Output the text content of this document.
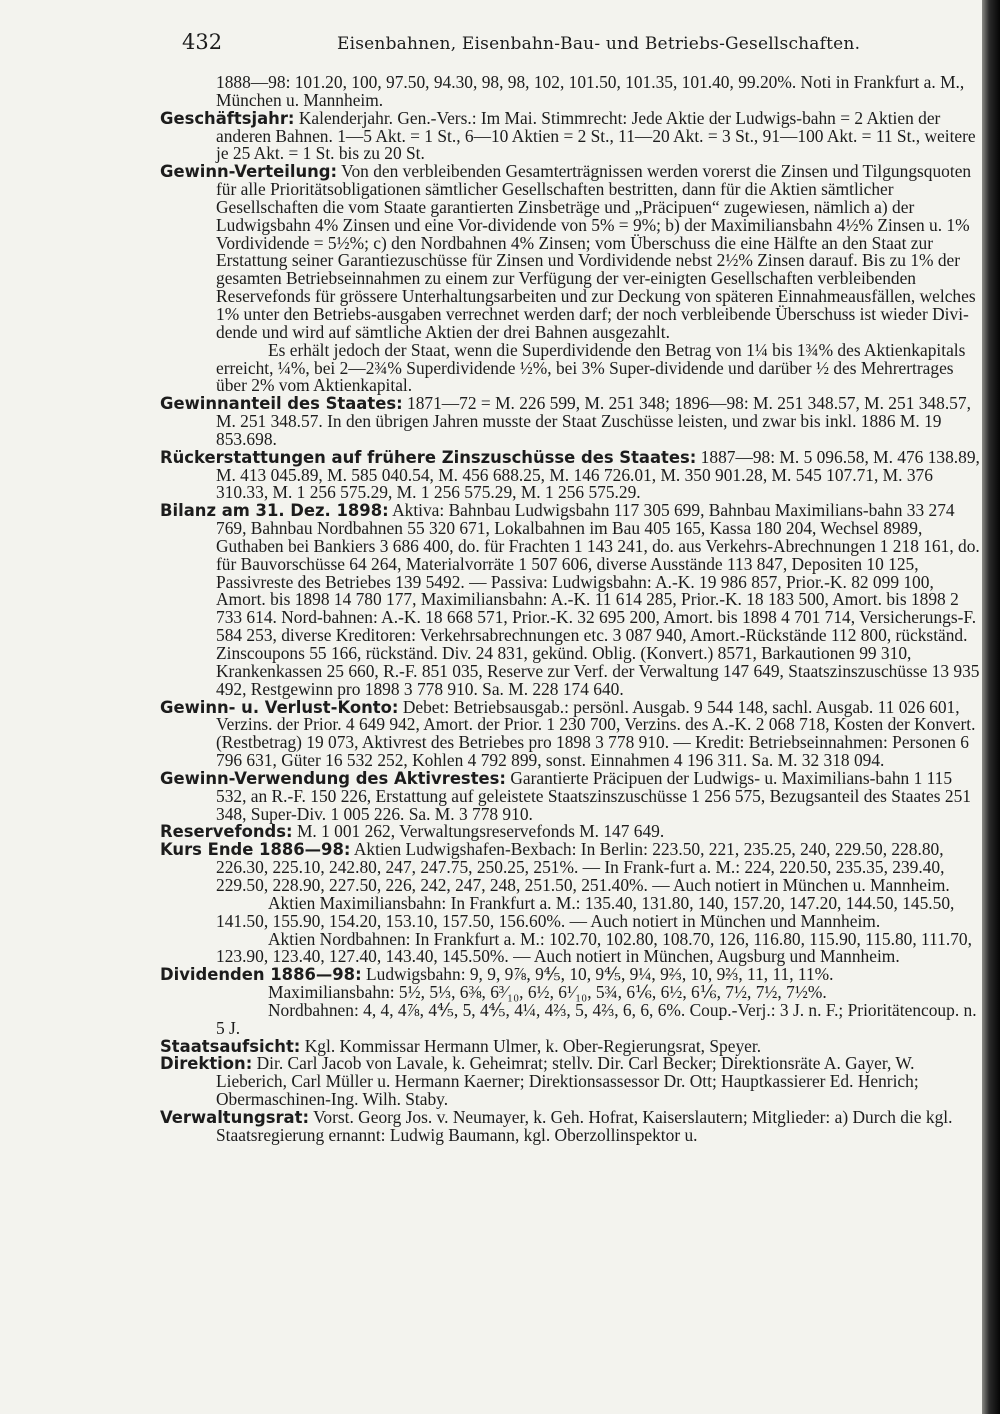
432	Eisenbahnen, Eisenbahn-Bau- und Betriebs-Gesellschaften.

1888—98: 101.20, 100, 97.50, 94.30, 98, 98, 102, 101.50, 101.35, 101.40, 99.20%. Noti in Frankfurt a. M., München u. Mannheim.

Geschäftsjahr: Kalenderjahr. Gen.-Vers.: Im Mai. Stimmrecht: Jede Aktie der Ludwigs-bahn = 2 Aktien der anderen Bahnen. 1—5 Akt. = 1 St., 6—10 Aktien = 2 St., 11—20 Akt. = 3 St., 91—100 Akt. = 11 St., weitere je 25 Akt. = 1 St. bis zu 20 St.

Gewinn-Verteilung: Von den verbleibenden Gesamterträgnissen werden vorerst die Zinsen und Tilgungsquoten für alle Prioritätsobligationen sämtlicher Gesellschaften bestritten, dann für die Aktien sämtlicher Gesellschaften die vom Staate garantierten Zinsbeträge und „Präcipuen“ zugewiesen, nämlich a) der Ludwigsbahn 4% Zinsen und eine Vor-dividende von 5% = 9%; b) der Maximiliansbahn 4½% Zinsen u. 1% Vordividende = 5½%; c) den Nordbahnen 4% Zinsen; vom Überschuss die eine Hälfte an den Staat zur Erstattung seiner Garantiezuschüsse für Zinsen und Vordividende nebst 2½% Zinsen darauf. Bis zu 1% der gesamten Betriebseinnahmen zu einem zur Verfügung der ver-einigten Gesellschaften verbleibenden Reservefonds für grössere Unterhaltungsarbeiten und zur Deckung von späteren Einnahmeausfällen, welches 1% unter den Betriebs-ausgaben verrechnet werden darf; der noch verbleibende Überschuss ist wieder Divi-dende und wird auf sämtliche Aktien der drei Bahnen ausgezahlt.

Es erhält jedoch der Staat, wenn die Superdividende den Betrag von 1¼ bis 1¾% des Aktienkapitals erreicht, ¼%, bei 2—2¾% Superdividende ½%, bei 3% Super-dividende und darüber ½ des Mehrertrages über 2% vom Aktienkapital.

Gewinnanteil des Staates: 1871—72 = M. 226 599, M. 251 348; 1896—98: M. 251 348.57, M. 251 348.57, M. 251 348.57. In den übrigen Jahren musste der Staat Zuschüsse leisten, und zwar bis inkl. 1886 M. 19 853.698.

Rückerstattungen auf frühere Zinszuschüsse des Staates: 1887—98: M. 5 096.58, M. 476 138.89, M. 413 045.89, M. 585 040.54, M. 456 688.25, M. 146 726.01, M. 350 901.28, M. 545 107.71, M. 376 310.33, M. 1 256 575.29, M. 1 256 575.29, M. 1 256 575.29.

Bilanz am 31. Dez. 1898: Aktiva: Bahnbau Ludwigsbahn 117 305 699, Bahnbau Maximilians-bahn 33 274 769, Bahnbau Nordbahnen 55 320 671, Lokalbahnen im Bau 405 165, Kassa 180 204, Wechsel 8989, Guthaben bei Bankiers 3 686 400, do. für Frachten 1 143 241, do. aus Verkehrs-Abrechnungen 1 218 161, do. für Bauvorschüsse 64 264, Materialvorräte 1 507 606, diverse Ausstände 113 847, Depositen 10 125, Passivreste des Betriebes 139 5492. — Passiva: Ludwigsbahn: A.-K. 19 986 857, Prior.-K. 82 099 100, Amort. bis 1898 14 780 177, Maximiliansbahn: A.-K. 11 614 285, Prior.-K. 18 183 500, Amort. bis 1898 2 733 614. Nord-bahnen: A.-K. 18 668 571, Prior.-K. 32 695 200, Amort. bis 1898 4 701 714, Versicherungs-F. 584 253, diverse Kreditoren: Verkehrsabrechnungen etc. 3 087 940, Amort.-Rückstände 112 800, rückständ. Zinscoupons 55 166, rückständ. Div. 24 831, gekünd. Oblig. (Konvert.) 8571, Barkautionen 99 310, Krankenkassen 25 660, R.-F. 851 035, Reserve zur Verf. der Verwaltung 147 649, Staatszinszuschüsse 13 935 492, Restgewinn pro 1898 3 778 910. Sa. M. 228 174 640.

Gewinn- u. Verlust-Konto: Debet: Betriebsausgab.: persönl. Ausgab. 9 544 148, sachl. Ausgab. 11 026 601, Verzins. der Prior. 4 649 942, Amort. der Prior. 1 230 700, Verzins. des A.-K. 2 068 718, Kosten der Konvert. (Restbetrag) 19 073, Aktivrest des Betriebes pro 1898 3 778 910. — Kredit: Betriebseinnahmen: Personen 6 796 631, Güter 16 532 252, Kohlen 4 792 899, sonst. Einnahmen 4 196 311. Sa. M. 32 318 094.

Gewinn-Verwendung des Aktivrestes: Garantierte Präcipuen der Ludwigs- u. Maximilians-bahn 1 115 532, an R.-F. 150 226, Erstattung auf geleistete Staatszinszuschüsse 1 256 575, Bezugsanteil des Staates 251 348, Super-Div. 1 005 226. Sa. M. 3 778 910.

Reservefonds: M. 1 001 262, Verwaltungsreservefonds M. 147 649.

Kurs Ende 1886—98: Aktien Ludwigshafen-Bexbach: In Berlin: 223.50, 221, 235.25, 240, 229.50, 228.80, 226.30, 225.10, 242.80, 247, 247.75, 250.25, 251%. — In Frank-furt a. M.: 224, 220.50, 235.35, 239.40, 229.50, 228.90, 227.50, 226, 242, 247, 248, 251.50, 251.40%. — Auch notiert in München u. Mannheim.

Aktien Maximiliansbahn: In Frankfurt a. M.: 135.40, 131.80, 140, 157.20, 147.20, 144.50, 145.50, 141.50, 155.90, 154.20, 153.10, 157.50, 156.60%. — Auch notiert in München und Mannheim.

Aktien Nordbahnen: In Frankfurt a. M.: 102.70, 102.80, 108.70, 126, 116.80, 115.90, 115.80, 111.70, 123.90, 123.40, 127.40, 143.40, 145.50%. — Auch notiert in München, Augsburg und Mannheim.

Dividenden 1886—98: Ludwigsbahn: 9, 9, 9⅞, 9⅘, 10, 9⅘, 9¼, 9⅔, 10, 9⅔, 11, 11, 11%.

Maximiliansbahn: 5½, 5⅓, 6⅜, 6³⁄₁₀, 6½, 6¹⁄₁₀, 5¾, 6⅙, 6½, 6⅙, 7½, 7½, 7½%.

Nordbahnen: 4, 4, 4⅞, 4⅘, 5, 4⅘, 4¼, 4⅔, 5, 4⅔, 6, 6, 6%. Coup.-Verj.: 3 J. n. F.; Prioritätencoup. n. 5 J.

Staatsaufsicht: Kgl. Kommissar Hermann Ulmer, k. Ober-Regierungsrat, Speyer.

Direktion: Dir. Carl Jacob von Lavale, k. Geheimrat; stellv. Dir. Carl Becker; Direktionsräte A. Gayer, W. Lieberich, Carl Müller u. Hermann Kaerner; Direktionsassessor Dr. Ott; Hauptkassierer Ed. Henrich; Obermaschinen-Ing. Wilh. Staby.

Verwaltungsrat: Vorst. Georg Jos. v. Neumayer, k. Geh. Hofrat, Kaiserslautern; Mitglieder: a) Durch die kgl. Staatsregierung ernannt: Ludwig Baumann, kgl. Oberzollinspektor u.
